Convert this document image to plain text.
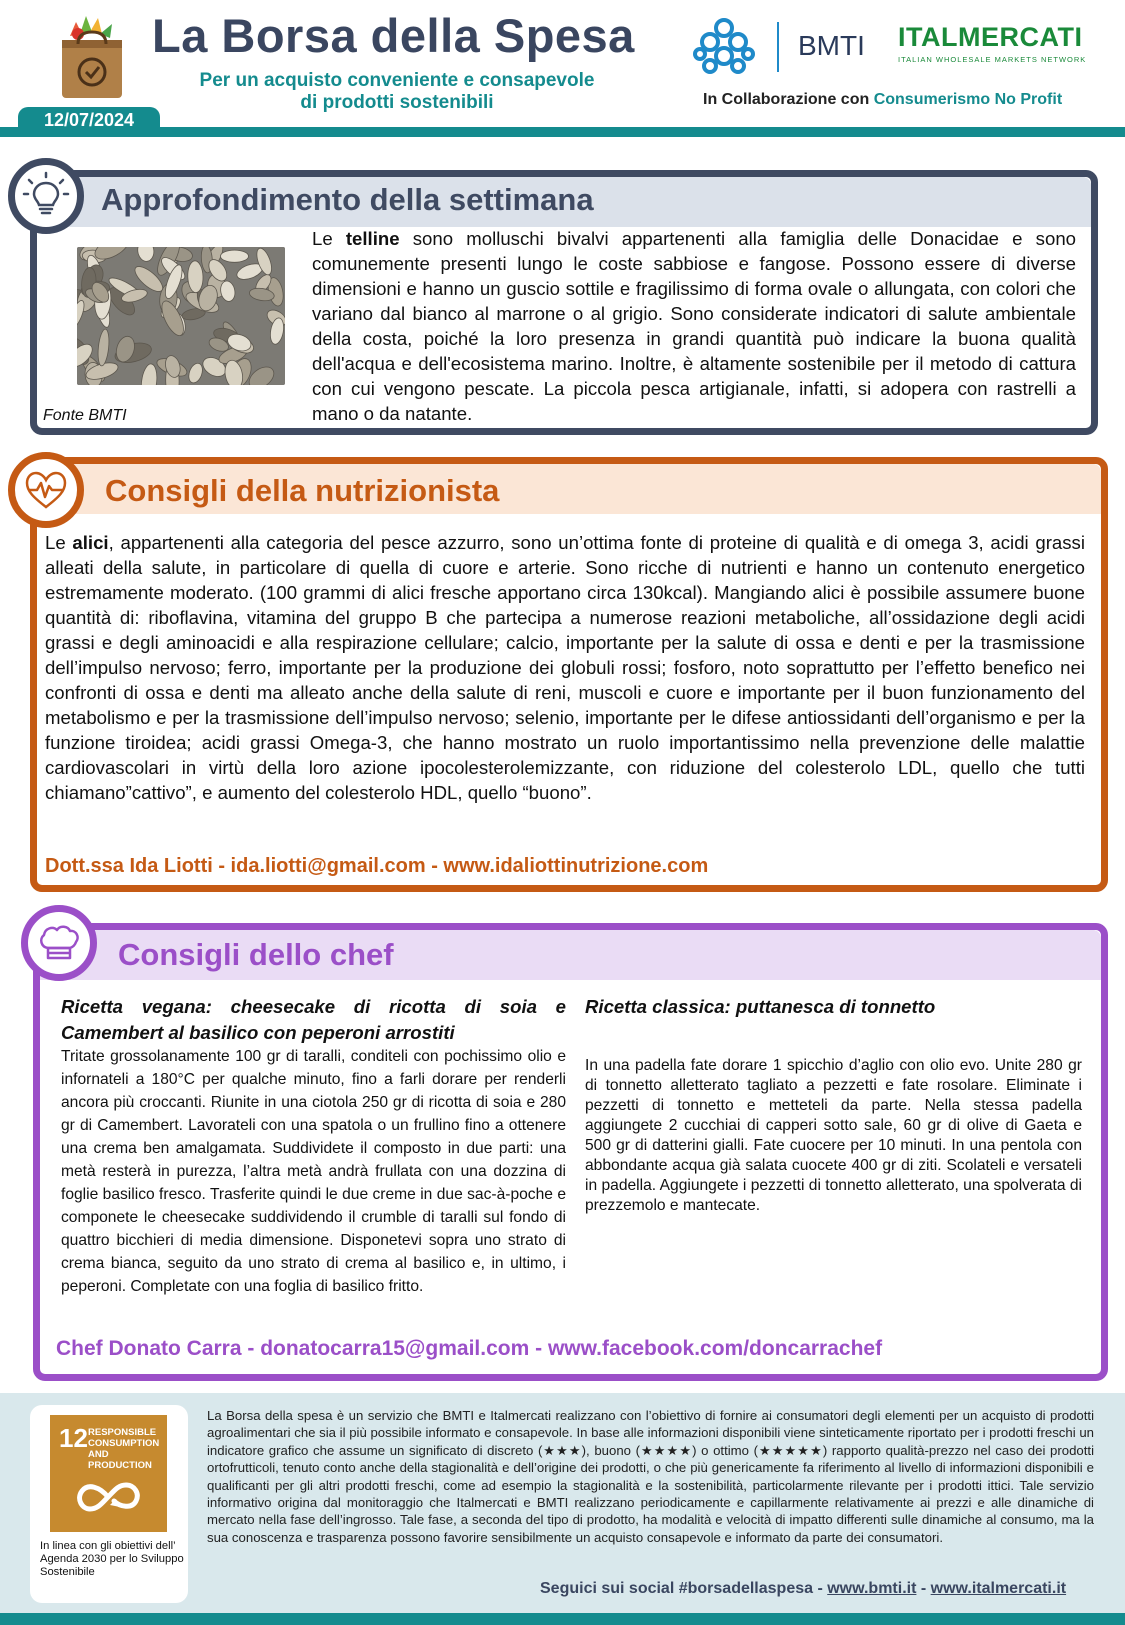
La Borsa della Spesa
Per un acquisto conveniente e consapevole
di prodotti sostenibili
BMTI ITALMERCATI
ITALIAN WHOLESALE MARKETS NETWORK
In Collaborazione con Consumerismo No Profit
12/07/2024
Approfondimento della settimana
Fonte BMTI
Le telline sono molluschi bivalvi appartenenti alla famiglia delle Donacidae e sono comunemente presenti lungo le coste sabbiose e fangose. Possono essere di diverse dimensioni e hanno un guscio sottile e fragilissimo di forma ovale o allungata, con colori che variano dal bianco al marrone o al grigio. Sono considerate indicatori di salute ambientale della costa, poiché la loro presenza in grandi quantità può indicare la buona qualità dell'acqua e dell'ecosistema marino. Inoltre, è altamente sostenibile per il metodo di cattura con cui vengono pescate. La piccola pesca artigianale, infatti, si adopera con rastrelli a mano o da natante.
Consigli della nutrizionista
Le alici, appartenenti alla categoria del pesce azzurro, sono un’ottima fonte di proteine di qualità e di omega 3, acidi grassi alleati della salute, in particolare di quella di cuore e arterie. Sono ricche di nutrienti e hanno un contenuto energetico estremamente moderato. (100 grammi di alici fresche apportano circa 130kcal). Mangiando alici è possibile assumere buone quantità di: riboflavina, vitamina del gruppo B che partecipa a numerose reazioni metaboliche, all’ossidazione degli acidi grassi e degli aminoacidi e alla respirazione cellulare; calcio, importante per la salute di ossa e denti e per la trasmissione dell’impulso nervoso; ferro, importante per la produzione dei globuli rossi; fosforo, noto soprattutto per l’effetto benefico nei confronti di ossa e denti ma alleato anche della salute di reni, muscoli e cuore e importante per il buon funzionamento del metabolismo e per la trasmissione dell’impulso nervoso; selenio, importante per le difese antiossidanti dell’organismo e per la funzione tiroidea; acidi grassi Omega-3, che hanno mostrato un ruolo importantissimo nella prevenzione delle malattie cardiovascolari in virtù della loro azione ipocolesterolemizzante, con riduzione del colesterolo LDL, quello che tutti chiamano”cattivo”, e aumento del colesterolo HDL, quello “buono”.
Dott.ssa Ida Liotti - ida.liotti@gmail.com - www.idaliottinutrizione.com
Consigli dello chef
Ricetta vegana: cheesecake di ricotta di soia e Camembert al basilico con peperoni arrostiti
Tritate grossolanamente 100 gr di taralli, conditeli con pochissimo olio e infornateli a 180°C per qualche minuto, fino a farli dorare per renderli ancora più croccanti. Riunite in una ciotola 250 gr di ricotta di soia e 280 gr di Camembert. Lavorateli con una spatola o un frullino fino a ottenere una crema ben amalgamata. Suddividete il composto in due parti: una metà resterà in purezza, l’altra metà andrà frullata con una dozzina di foglie basilico fresco. Trasferite quindi le due creme in due sac-à-poche e componete le cheesecake suddividendo il crumble di taralli sul fondo di quattro bicchieri di media dimensione. Disponetevi sopra uno strato di crema bianca, seguito da uno strato di crema al basilico e, in ultimo, i peperoni. Completate con una foglia di basilico fritto.
Ricetta classica: puttanesca di tonnetto
In una padella fate dorare 1 spicchio d’aglio con olio evo. Unite 280 gr di tonnetto alletterato tagliato a pezzetti e fate rosolare. Eliminate i pezzetti di tonnetto e metteteli da parte. Nella stessa padella aggiungete 2 cucchiai di capperi sotto sale, 60 gr di olive di Gaeta e 500 gr di datterini gialli. Fate cuocere per 10 minuti. In una pentola con abbondante acqua già salata cuocete 400 gr di ziti. Scolateli e versateli in padella. Aggiungete i pezzetti di tonnetto alletterato, una spolverata di prezzemolo e mantecate.
Chef Donato Carra - donatocarra15@gmail.com - www.facebook.com/doncarrachef
12 RESPONSIBLE
CONSUMPTION
AND PRODUCTION
In linea con gli obiettivi dell’ Agenda 2030 per lo Sviluppo Sostenibile
La Borsa della spesa è un servizio che BMTI e Italmercati realizzano con l’obiettivo di fornire ai consumatori degli elementi per un acquisto di prodotti agroalimentari che sia il più possibile informato e consapevole. In base alle informazioni disponibili viene sinteticamente riportato per i prodotti freschi un indicatore grafico che assume un significato di discreto (★★★), buono (★★★★) o ottimo (★★★★★) rapporto qualità-prezzo nel caso dei prodotti ortofrutticoli, tenuto conto anche della stagionalità e dell’origine dei prodotti, o che più genericamente fa riferimento al livello di informazioni disponibili e qualificanti per gli altri prodotti freschi, come ad esempio la stagionalità e la sostenibilità, particolarmente rilevante per i prodotti ittici. Tale servizio informativo origina dal monitoraggio che Italmercati e BMTI realizzano periodicamente e capillarmente relativamente ai prezzi e alle dinamiche di mercato nella fase dell’ingrosso. Tale fase, a seconda del tipo di prodotto, ha modalità e velocità di impatto differenti sulle dinamiche al consumo, ma la sua conoscenza e trasparenza possono favorire sensibilmente un acquisto consapevole e informato da parte dei consumatori.
Seguici sui social #borsadellaspesa - www.bmti.it - www.italmercati.it
